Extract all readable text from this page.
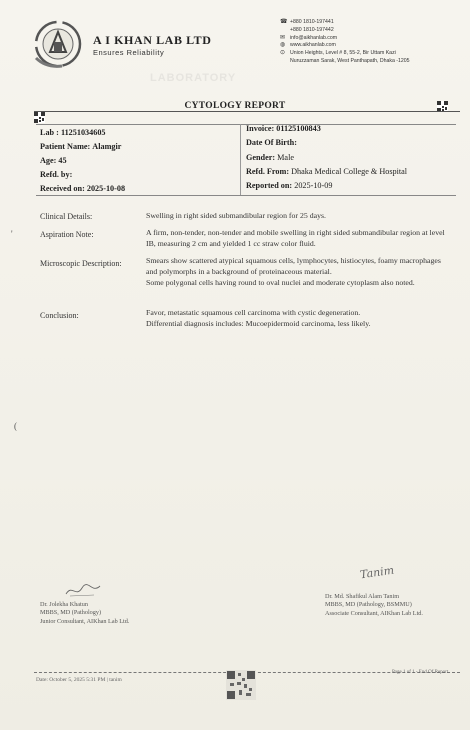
LABORATORY
A I KHAN LAB LTD
Ensures Reliability
☎ +880 1810-197441
+880 1810-197442
✉ info@aikhanlab.com
◍ www.aikhanlab.com
⊙ Union Heights, Level # 8, 55-2, Bir Uttam Kazi
Nuruzzaman Sarak, West Panthapath, Dhaka -1205
CYTOLOGY REPORT
Lab : 11251034605
Patient Name: Alamgir
Age: 45
Refd. by:
Received on: 2025-10-08
Invoice: 01125100843
Date Of Birth:
Gender: Male
Refd. From: Dhaka Medical College & Hospital
Reported on: 2025-10-09
Clinical Details:	Swelling in right sided submandibular region for 25 days.
'	Aspiration Note:	A firm, non-tender, non-tender and mobile swelling in right sided submandibular region at level IB, measuring 2 cm and yielded 1 cc straw color fluid.
Microscopic Description:	Smears show scattered atypical squamous cells, lymphocytes, histiocytes, foamy macrophages and polymorphs in a background of proteinaceous material.
Some polygonal cells having round to oval nuclei and moderate cytoplasm also noted.
Conclusion:	Favor, metastatic squamous cell carcinoma with cystic degeneration.
Differential diagnosis includes: Mucoepidermoid carcinoma, less likely.
(
Dr. Jolekha Khatun
MBBS, MD (Pathology)
Junior Consultant, AIKhan Lab Ltd.
Tanim
Dr. Md. Shafikul Alam Tanim
MBBS, MD (Pathology, BSMMU)
Associate Consultant, AIKhan Lab Ltd.
Date: October 5, 2025 5:31 PM | tanim
Page 1 of 1 - End Of Report
